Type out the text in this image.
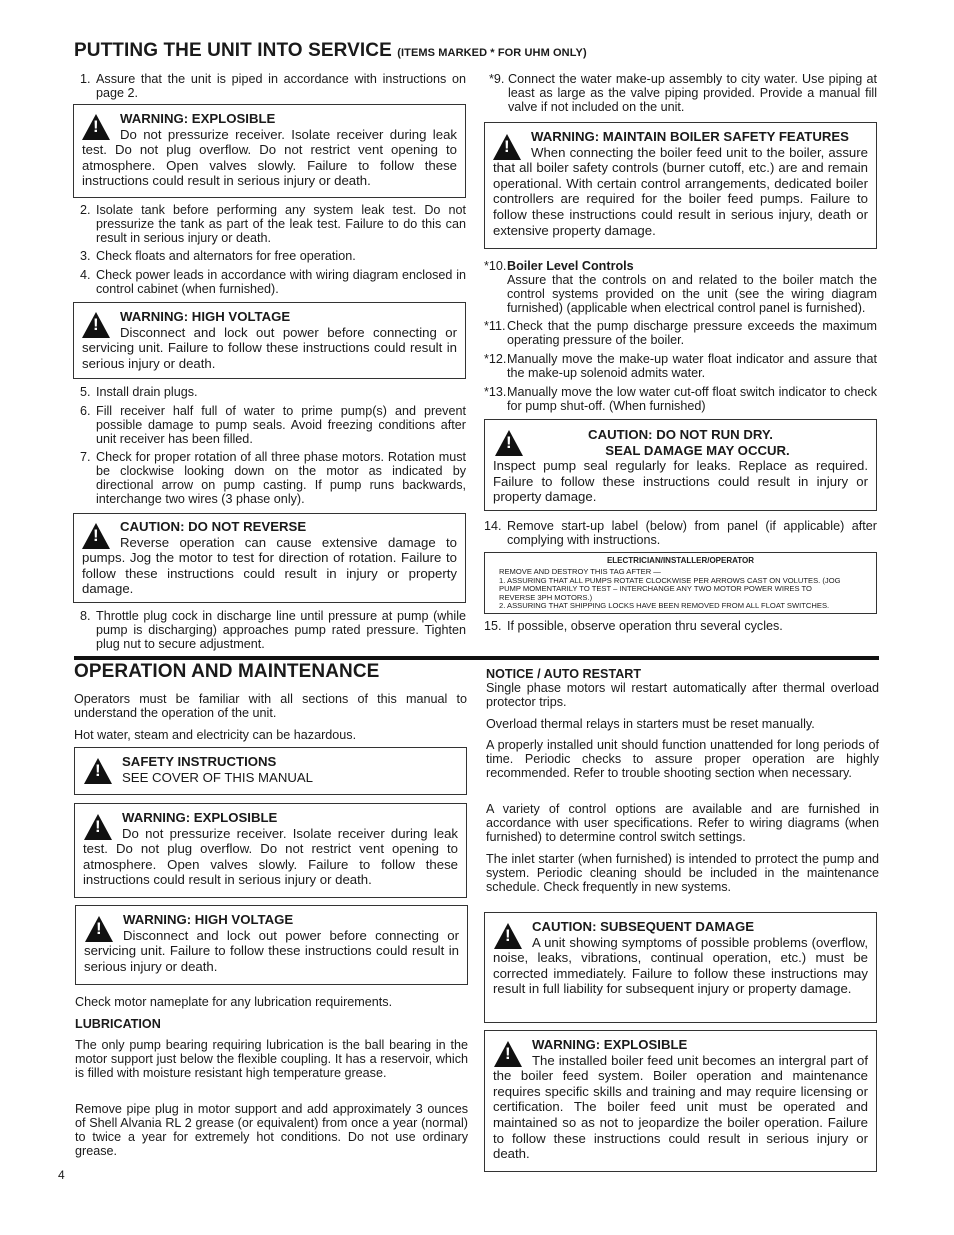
PUTTING THE UNIT INTO SERVICE (ITEMS MARKED * FOR UHM ONLY)
1. Assure that the unit is piped in accordance with instructions on page 2.
!
WARNING: EXPLOSIBLE
Do not pressurize receiver. Isolate receiver during leak test. Do not plug overflow. Do not restrict vent opening to atmosphere. Open valves slowly. Failure to follow these instructions could result in serious injury or death.
2. Isolate tank before performing any system leak test. Do not pressurize the tank as part of the leak test. Failure to do this can result in serious injury or death.
3. Check floats and alternators for free operation.
4. Check power leads in accordance with wiring diagram enclosed in control cabinet (when furnished).
!
WARNING: HIGH VOLTAGE
Disconnect and lock out power before connecting or servicing unit. Failure to follow these instructions could result in serious injury or death.
5. Install drain plugs.
6. Fill receiver half full of water to prime pump(s) and prevent possible damage to pump seals. Avoid freezing conditions after unit receiver has been filled.
7. Check for proper rotation of all three phase motors. Rotation must be clockwise looking down on the motor as indicated by directional arrow on pump casting. If pump runs backwards, interchange two wires (3 phase only).
!
CAUTION: DO NOT REVERSE
Reverse operation can cause extensive damage to pumps. Jog the motor to test for direction of rotation. Failure to follow these instructions could result in injury or property damage.
8. Throttle plug cock in discharge line until pressure at pump (while pump is discharging) approaches pump rated pressure. Tighten plug nut to secure adjustment.
*9. Connect the water make-up assembly to city water. Use piping at least as large as the valve piping provided. Provide a manual fill valve if not included on the unit.
!
WARNING: MAINTAIN BOILER SAFETY FEATURES
When connecting the boiler feed unit to the boiler, assure that all boiler safety controls (burner cutoff, etc.) are and remain operational. With certain control arrangements, dedicated boiler controllers are required for the boiler feed pumps. Failure to follow these instructions could result in serious injury, death or extensive property damage.
*10. Boiler Level Controls
Assure that the controls on and related to the boiler match the control systems provided on the unit (see the wiring diagram furnished) (applicable when electrical control panel is furnished).
*11. Check that the pump discharge pressure exceeds the maximum operating pressure of the boiler.
*12. Manually move the make-up water float indicator and assure that the make-up solenoid admits water.
*13. Manually move the low water cut-off float switch indicator to check for pump shut-off. (When furnished)
!
CAUTION: DO NOT RUN DRY.
SEAL DAMAGE MAY OCCUR.
Inspect pump seal regularly for leaks. Replace as required. Failure to follow these instructions could result in injury or property damage.
14. Remove start-up label (below) from panel (if applicable) after complying with instructions.
ELECTRICIAN/INSTALLER/OPERATOR
REMOVE AND DESTROY THIS TAG AFTER —
1. ASSURING THAT ALL PUMPS ROTATE CLOCKWISE PER ARROWS CAST ON VOLUTES. (JOG PUMP MOMENTARILY TO TEST – INTERCHANGE ANY TWO MOTOR POWER WIRES TO REVERSE 3PH MOTORS.)
2. ASSURING THAT SHIPPING LOCKS HAVE BEEN REMOVED FROM ALL FLOAT SWITCHES.
15. If possible, observe operation thru several cycles.
OPERATION AND MAINTENANCE
Operators must be familiar with all sections of this manual to understand the operation of the unit.
Hot water, steam and electricity can be hazardous.
!
SAFETY INSTRUCTIONS
SEE COVER OF THIS MANUAL
!
WARNING: EXPLOSIBLE
Do not pressurize receiver. Isolate receiver during leak test. Do not plug overflow. Do not restrict vent opening to atmosphere. Open valves slowly. Failure to follow these instructions could result in serious injury or death.
!
WARNING: HIGH VOLTAGE
Disconnect and lock out power before connecting or servicing unit. Failure to follow these instructions could result in serious injury or death.
Check motor nameplate for any lubrication requirements.
LUBRICATION
The only pump bearing requiring lubrication is the ball bearing in the motor support just below the flexible coupling. It has a reservoir, which is filled with moisture resistant high temperature grease.
Remove pipe plug in motor support and add approximately 3 ounces of Shell Alvania RL 2 grease (or equivalent) from once a year (normal) to twice a year for extremely hot conditions. Do not use ordinary grease.
NOTICE / AUTO RESTART
Single phase motors wil restart automatically after thermal overload protector trips.
Overload thermal relays in starters must be reset manually.
A properly installed unit should function unattended for long periods of time. Periodic checks to assure proper operation are highly recommended. Refer to trouble shooting section when necessary.
A variety of control options are available and are furnished in accordance with user specifications. Refer to wiring diagrams (when furnished) to determine control switch settings.
The inlet starter (when furnished) is intended to prrotect the pump and system. Periodic cleaning should be included in the maintenance schedule. Check frequently in new systems.
!
CAUTION: SUBSEQUENT DAMAGE
A unit showing symptoms of possible problems (overflow, noise, leaks, vibrations, continual operation, etc.) must be corrected immediately. Failure to follow these instructions may result in full liability for subsequent injury or property damage.
!
WARNING: EXPLOSIBLE
The installed boiler feed unit becomes an intergral part of the boiler feed system. Boiler operation and maintenance requires specific skills and training and may require licensing or certification. The boiler feed unit must be operated and maintained so as not to jeopardize the boiler operation. Failure to follow these instructions could result in serious injury or death.
4
